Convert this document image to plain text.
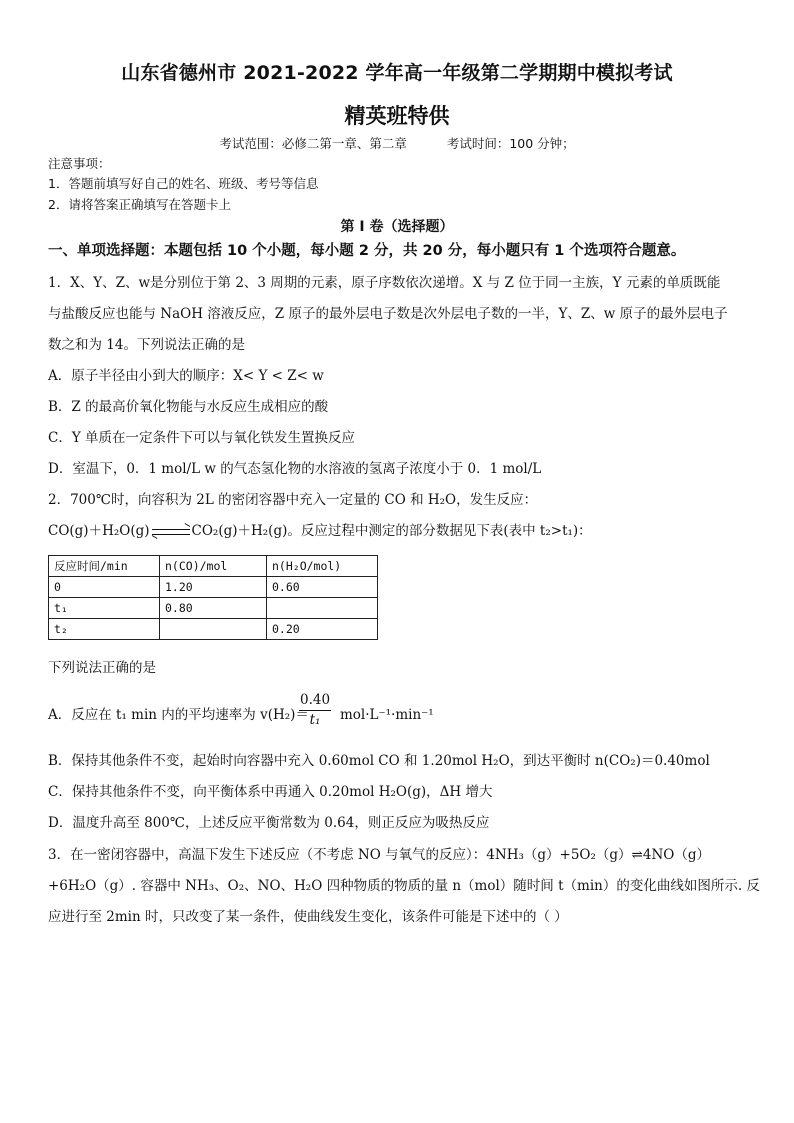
山东省德州市 2021-2022 学年高一年级第二学期期中模拟考试
精英班特供
考试范围：必修二第一章、第二章	考试时间：100 分钟；
注意事项：
1．答题前填写好自己的姓名、班级、考号等信息
2．请将答案正确填写在答题卡上
第 I 卷（选择题）
一、单项选择题：本题包括 10 个小题，每小题 2 分，共 20 分，每小题只有 1 个选项符合题意。
1．X、Y、Z、w是分别位于第 2、3 周期的元素，原子序数依次递增。X 与 Z 位于同一主族，Y 元素的单质既能
与盐酸反应也能与 NaOH 溶液反应，Z 原子的最外层电子数是次外层电子数的一半，Y、Z、w 原子的最外层电子
数之和为 14。下列说法正确的是
A．原子半径由小到大的顺序：X< Y < Z< w
B．Z 的最高价氧化物能与水反应生成相应的酸
C．Y 单质在一定条件下可以与氧化铁发生置换反应
D．室温下，0．1 mol/L w 的气态氢化物的水溶液的氢离子浓度小于 0．1 mol/L
2．700℃时，向容积为 2L 的密闭容器中充入一定量的 CO 和 H₂O，发生反应：
CO(g)＋H₂O(g) ⇌ CO₂(g)＋H₂(g)。反应过程中测定的部分数据见下表(表中 t₂>t₁)：
反应时间/min	n(CO)/mol	n(H₂O/mol)
0	1.20	0.60
t₁	0.80	
t₂		0.20
下列说法正确的是
A．反应在 t₁ min 内的平均速率为 v(H₂)＝
0.40
t₁	mol·L⁻¹·min⁻¹
B．保持其他条件不变，起始时向容器中充入 0.60mol CO 和 1.20mol H₂O，到达平衡时 n(CO₂)＝0.40mol
C．保持其他条件不变，向平衡体系中再通入 0.20mol H₂O(g)，ΔH 增大
D．温度升高至 800℃，上述反应平衡常数为 0.64，则正反应为吸热反应
3．在一密闭容器中，高温下发生下述反应（不考虑 NO 与氧气的反应）：4NH₃（g）+5O₂（g）⇌4NO（g）
+6H₂O（g）. 容器中 NH₃、O₂、NO、H₂O 四种物质的物质的量 n（mol）随时间 t（min）的变化曲线如图所示. 反
应进行至 2min 时，只改变了某一条件，使曲线发生变化，该条件可能是下述中的（ ）
